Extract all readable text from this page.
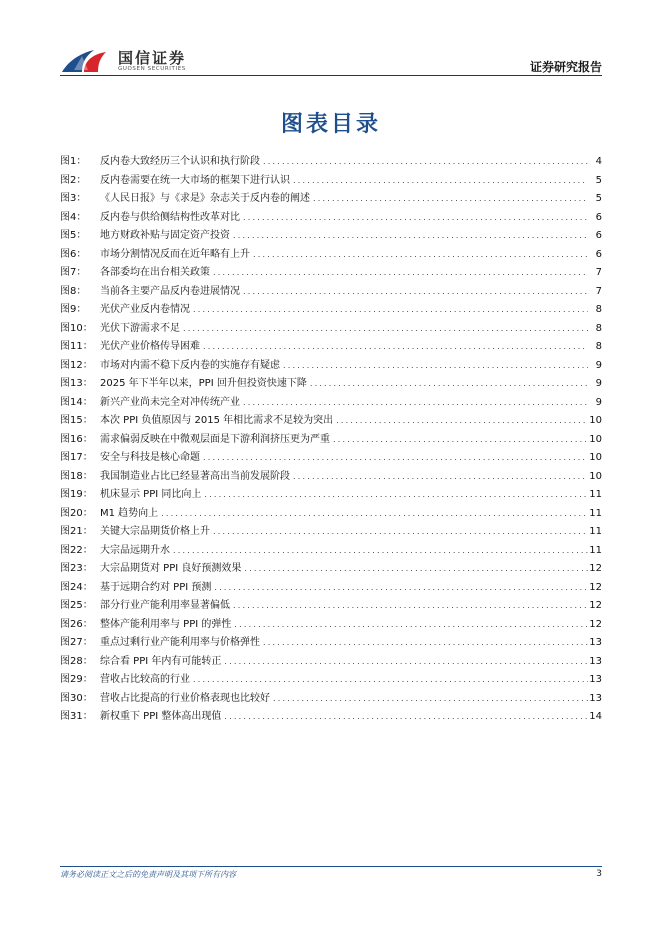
国信证券
GUOSEN SECURITIES	证券研究报告
图表目录
图1：	反内卷大致经历三个认识和执行阶段 .....	4
图2：	反内卷需要在统一大市场的框架下进行认识 .....	5
图3：	《人民日报》与《求是》杂志关于反内卷的阐述 .....	5
图4：	反内卷与供给侧结构性改革对比 .....	6
图5：	地方财政补贴与固定资产投资 .....	6
图6：	市场分割情况反而在近年略有上升 .....	6
图7：	各部委均在出台相关政策 .....	7
图8：	当前各主要产品反内卷进展情况 .....	7
图9：	光伏产业反内卷情况 .....	8
图10： 光伏下游需求不足 .....	8
图11： 光伏产业价格传导困难 .....	8
图12： 市场对内需不稳下反内卷的实施存有疑虑 .....	9
图13： 2025 年下半年以来，PPI 回升但投资快速下降 .....	9
图14： 新兴产业尚未完全对冲传统产业 .....	9
图15： 本次 PPI 负值原因与 2015 年相比需求不足较为突出 .....	10
图16： 需求偏弱反映在中微观层面是下游利润挤压更为严重 .....	10
图17： 安全与科技是核心命题 .....	10
图18： 我国制造业占比已经显著高出当前发展阶段 .....	10
图19： 机床显示 PPI 同比向上 .....	11
图20： M1 趋势向上 .....	11
图21： 关键大宗品期货价格上升 .....	11
图22： 大宗品远期升水 .....	11
图23： 大宗品期货对 PPI 良好预测效果 .....	12
图24： 基于远期合约对 PPI 预测 .....	12
图25： 部分行业产能利用率显著偏低 .....	12
图26： 整体产能利用率与 PPI 的弹性 .....	12
图27： 重点过剩行业产能利用率与价格弹性 .....	13
图28： 综合看 PPI 年内有可能转正 .....	13
图29： 营收占比较高的行业 .....	13
图30： 营收占比提高的行业价格表现也比较好 .....	13
图31： 新权重下 PPI 整体高出现值 .....	14
请务必阅读正文之后的免责声明及其项下所有内容	3
